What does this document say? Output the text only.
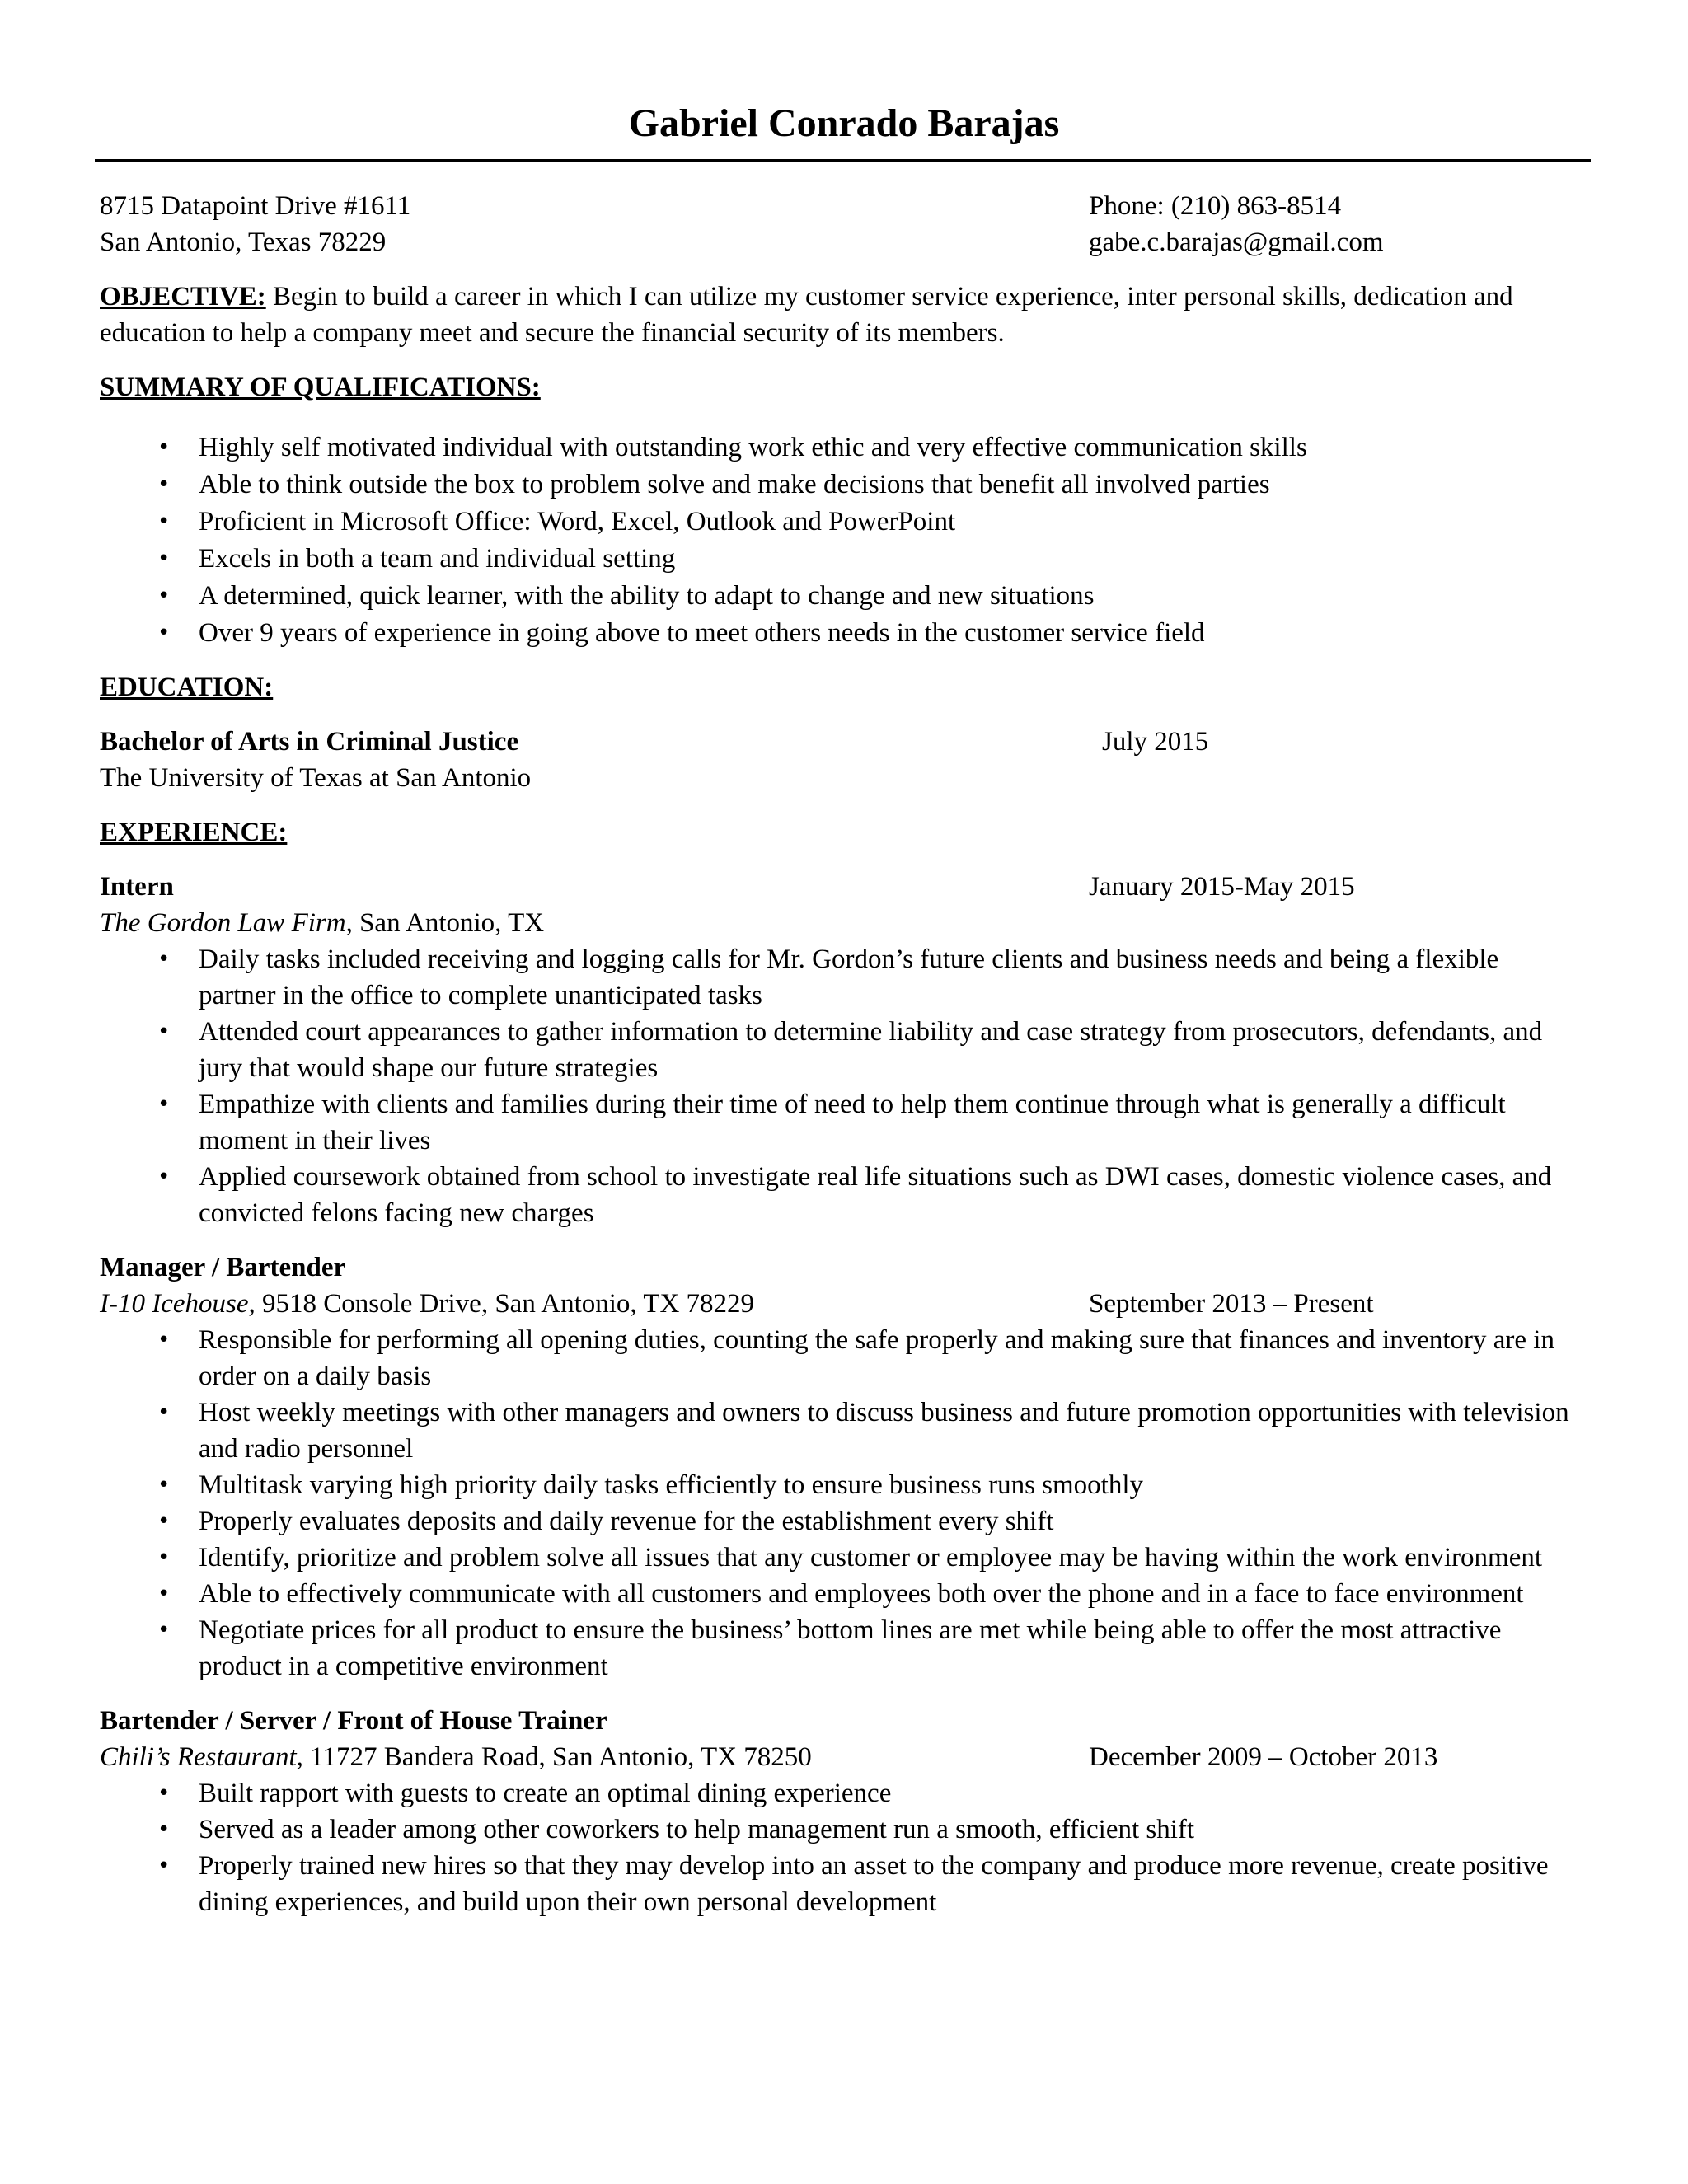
Gabriel Conrado Barajas
8715 Datapoint Drive #1611	Phone: (210) 863-8514
San Antonio, Texas 78229	gabe.c.barajas@gmail.com

OBJECTIVE: Begin to build a career in which I can utilize my customer service experience, inter personal skills, dedication and education to help a company meet and secure the financial security of its members.

SUMMARY OF QUALIFICATIONS:

• Highly self motivated individual with outstanding work ethic and very effective communication skills
• Able to think outside the box to problem solve and make decisions that benefit all involved parties
• Proficient in Microsoft Office: Word, Excel, Outlook and PowerPoint
• Excels in both a team and individual setting
• A determined, quick learner, with the ability to adapt to change and new situations
• Over 9 years of experience in going above to meet others needs in the customer service field

EDUCATION:

Bachelor of Arts in Criminal Justice	July 2015
The University of Texas at San Antonio

EXPERIENCE:

Intern	January 2015-May 2015
The Gordon Law Firm, San Antonio, TX
• Daily tasks included receiving and logging calls for Mr. Gordon’s future clients and business needs and being a flexible partner in the office to complete unanticipated tasks
• Attended court appearances to gather information to determine liability and case strategy from prosecutors, defendants, and jury that would shape our future strategies
• Empathize with clients and families during their time of need to help them continue through what is generally a difficult moment in their lives
• Applied coursework obtained from school to investigate real life situations such as DWI cases, domestic violence cases, and convicted felons facing new charges
Manager / Bartender
I-10 Icehouse, 9518 Console Drive, San Antonio, TX 78229	September 2013 – Present
• Responsible for performing all opening duties, counting the safe properly and making sure that finances and inventory are in order on a daily basis
• Host weekly meetings with other managers and owners to discuss business and future promotion opportunities with television and radio personnel
• Multitask varying high priority daily tasks efficiently to ensure business runs smoothly
• Properly evaluates deposits and daily revenue for the establishment every shift
• Identify, prioritize and problem solve all issues that any customer or employee may be having within the work environment
• Able to effectively communicate with all customers and employees both over the phone and in a face to face environment
• Negotiate prices for all product to ensure the business’ bottom lines are met while being able to offer the most attractive product in a competitive environment
Bartender / Server / Front of House Trainer
Chili’s Restaurant, 11727 Bandera Road, San Antonio, TX 78250	December 2009 – October 2013
• Built rapport with guests to create an optimal dining experience
• Served as a leader among other coworkers to help management run a smooth, efficient shift
• Properly trained new hires so that they may develop into an asset to the company and produce more revenue, create positive dining experiences, and build upon their own personal development
